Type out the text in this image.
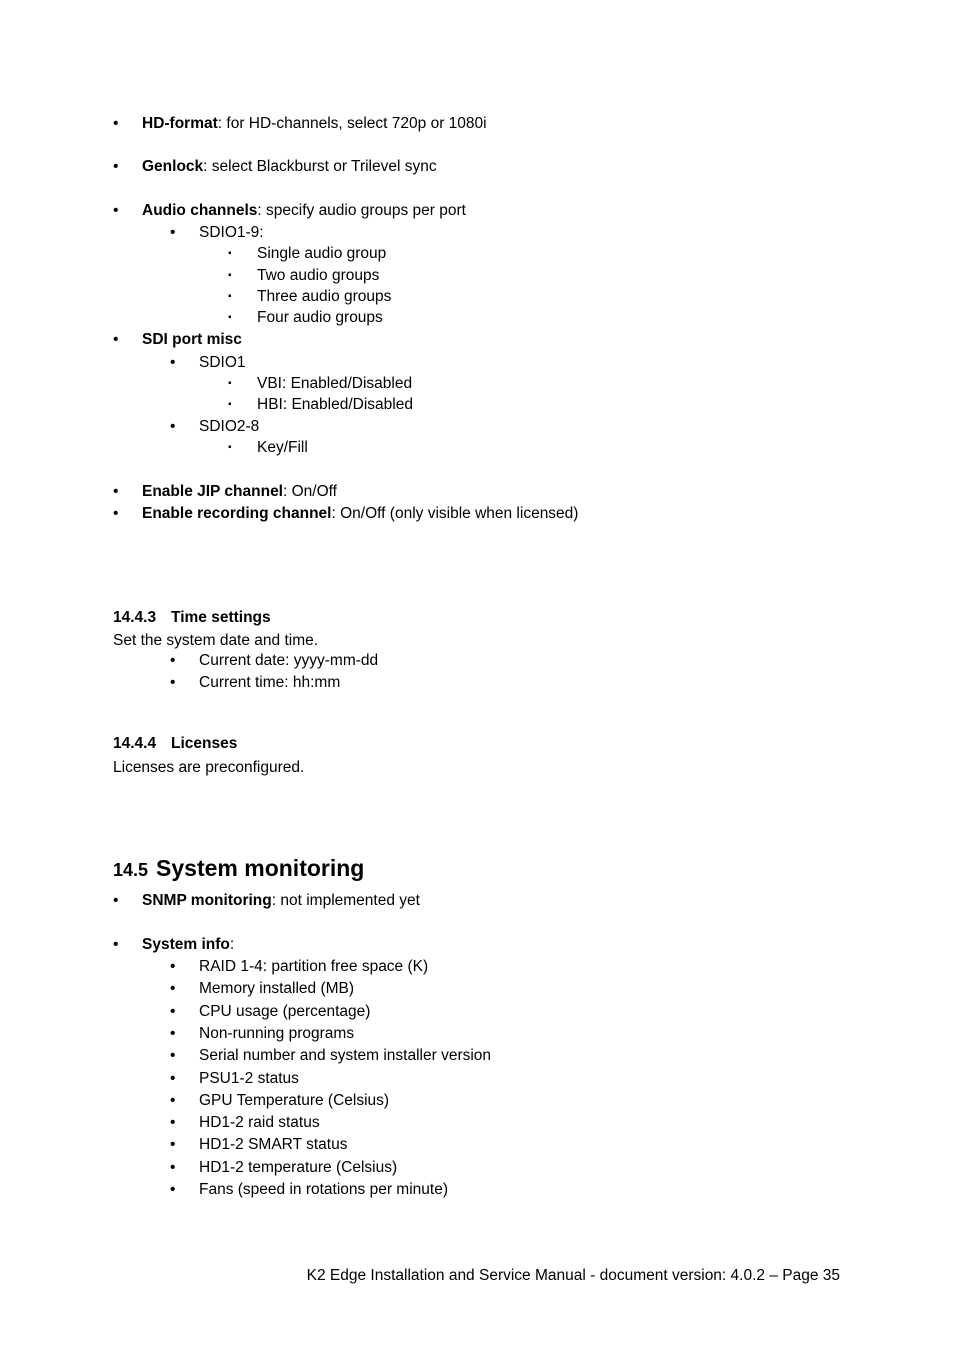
• HD-format: for HD-channels, select 720p or 1080i
• Genlock: select Blackburst or Trilevel sync
• Audio channels: specify audio groups per port
• SDIO1-9:
▪ Single audio group
▪ Two audio groups
▪ Three audio groups
▪ Four audio groups
• SDI port misc
• SDIO1
▪ VBI: Enabled/Disabled
▪ HBI: Enabled/Disabled
• SDIO2-8
▪ Key/Fill
• Enable JIP channel: On/Off
• Enable recording channel: On/Off (only visible when licensed)
14.4.3 Time settings
Set the system date and time.
• Current date: yyyy-mm-dd
• Current time: hh:mm
14.4.4 Licenses
Licenses are preconfigured.
14.5 System monitoring
• SNMP monitoring: not implemented yet
• System info:
• RAID 1-4: partition free space (K)
• Memory installed (MB)
• CPU usage (percentage)
• Non-running programs
• Serial number and system installer version
• PSU1-2 status
• GPU Temperature (Celsius)
• HD1-2 raid status
• HD1-2 SMART status
• HD1-2 temperature (Celsius)
• Fans (speed in rotations per minute)
K2 Edge Installation and Service Manual - document version: 4.0.2 – Page 35
